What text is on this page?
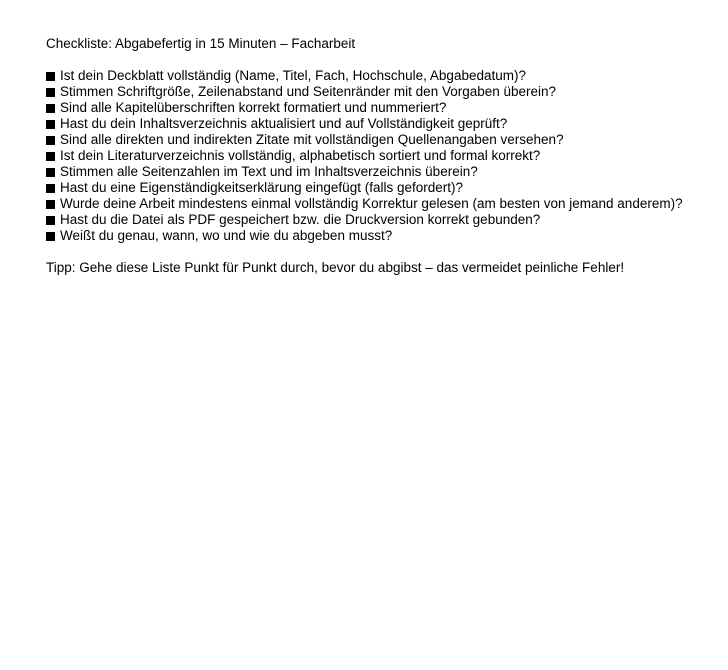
Checkliste: Abgabefertig in 15 Minuten – Facharbeit
Ist dein Deckblatt vollständig (Name, Titel, Fach, Hochschule, Abgabedatum)?
Stimmen Schriftgröße, Zeilenabstand und Seitenränder mit den Vorgaben überein?
Sind alle Kapitelüberschriften korrekt formatiert und nummeriert?
Hast du dein Inhaltsverzeichnis aktualisiert und auf Vollständigkeit geprüft?
Sind alle direkten und indirekten Zitate mit vollständigen Quellenangaben versehen?
Ist dein Literaturverzeichnis vollständig, alphabetisch sortiert und formal korrekt?
Stimmen alle Seitenzahlen im Text und im Inhaltsverzeichnis überein?
Hast du eine Eigenständigkeitserklärung eingefügt (falls gefordert)?
Wurde deine Arbeit mindestens einmal vollständig Korrektur gelesen (am besten von jemand anderem)?
Hast du die Datei als PDF gespeichert bzw. die Druckversion korrekt gebunden?
Weißt du genau, wann, wo und wie du abgeben musst?
Tipp: Gehe diese Liste Punkt für Punkt durch, bevor du abgibst – das vermeidet peinliche Fehler!
